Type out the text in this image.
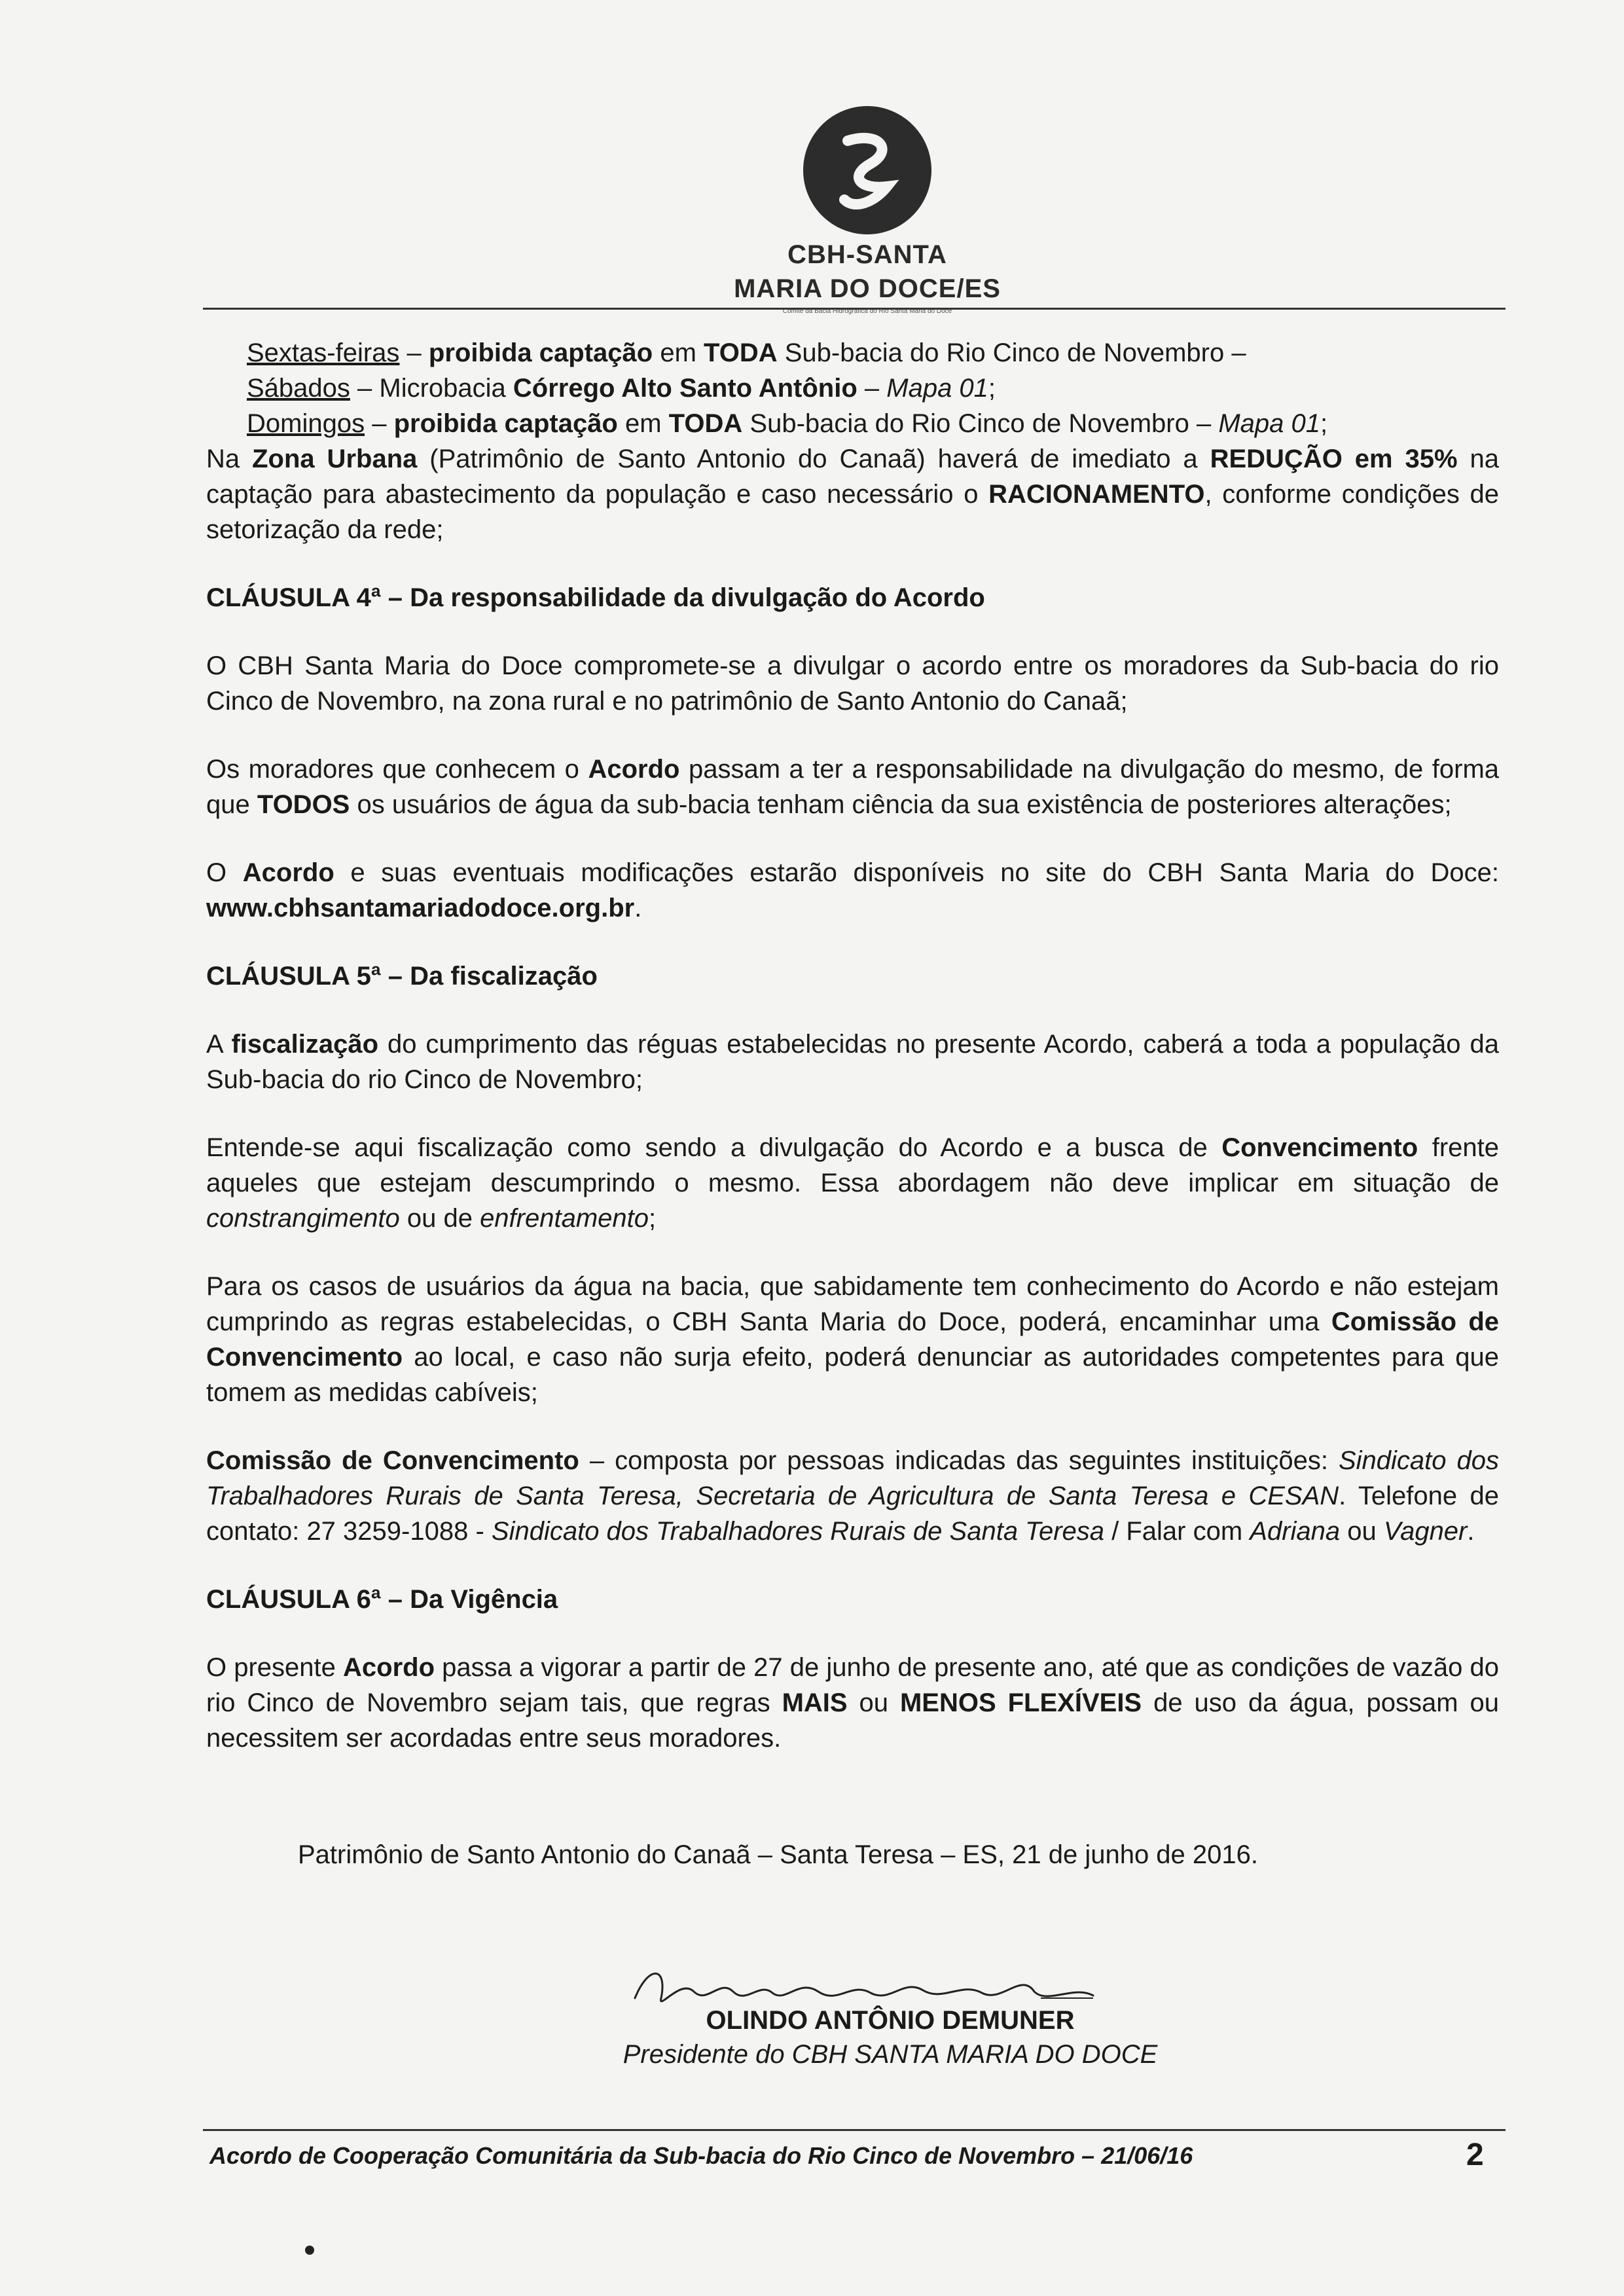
CBH-SANTA
MARIA DO DOCE/ES
Comitê da Bacia Hidrográfica do Rio Santa Maria do Doce

Sextas-feiras – proibida captação em TODA Sub-bacia do Rio Cinco de Novembro –

Sábados – Microbacia Córrego Alto Santo Antônio – Mapa 01;

Domingos – proibida captação em TODA Sub-bacia do Rio Cinco de Novembro – Mapa 01;

Na Zona Urbana (Patrimônio de Santo Antonio do Canaã) haverá de imediato a REDUÇÃO em 35% na captação para abastecimento da população e caso necessário o RACIONAMENTO, conforme condições de setorização da rede;

CLÁUSULA 4ª – Da responsabilidade da divulgação do Acordo

O CBH Santa Maria do Doce compromete-se a divulgar o acordo entre os moradores da Sub-bacia do rio Cinco de Novembro, na zona rural e no patrimônio de Santo Antonio do Canaã;

Os moradores que conhecem o Acordo passam a ter a responsabilidade na divulgação do mesmo, de forma que TODOS os usuários de água da sub-bacia tenham ciência da sua existência de posteriores alterações;

O Acordo e suas eventuais modificações estarão disponíveis no site do CBH Santa Maria do Doce: www.cbhsantamariadodoce.org.br.

CLÁUSULA 5ª – Da fiscalização

A fiscalização do cumprimento das réguas estabelecidas no presente Acordo, caberá a toda a população da Sub-bacia do rio Cinco de Novembro;

Entende-se aqui fiscalização como sendo a divulgação do Acordo e a busca de Convencimento frente aqueles que estejam descumprindo o mesmo. Essa abordagem não deve implicar em situação de constrangimento ou de enfrentamento;

Para os casos de usuários da água na bacia, que sabidamente tem conhecimento do Acordo e não estejam cumprindo as regras estabelecidas, o CBH Santa Maria do Doce, poderá, encaminhar uma Comissão de Convencimento ao local, e caso não surja efeito, poderá denunciar as autoridades competentes para que tomem as medidas cabíveis;

Comissão de Convencimento – composta por pessoas indicadas das seguintes instituições: Sindicato dos Trabalhadores Rurais de Santa Teresa, Secretaria de Agricultura de Santa Teresa e CESAN. Telefone de contato: 27 3259-1088 - Sindicato dos Trabalhadores Rurais de Santa Teresa / Falar com Adriana ou Vagner.

CLÁUSULA 6ª – Da Vigência

O presente Acordo passa a vigorar a partir de 27 de junho de presente ano, até que as condições de vazão do rio Cinco de Novembro sejam tais, que regras MAIS ou MENOS FLEXÍVEIS de uso da água, possam ou necessitem ser acordadas entre seus moradores.

Patrimônio de Santo Antonio do Canaã – Santa Teresa – ES, 21 de junho de 2016.
OLINDO ANTÔNIO DEMUNER
Presidente do CBH SANTA MARIA DO DOCE
Acordo de Cooperação Comunitária da Sub-bacia do Rio Cinco de Novembro – 21/06/16	2
